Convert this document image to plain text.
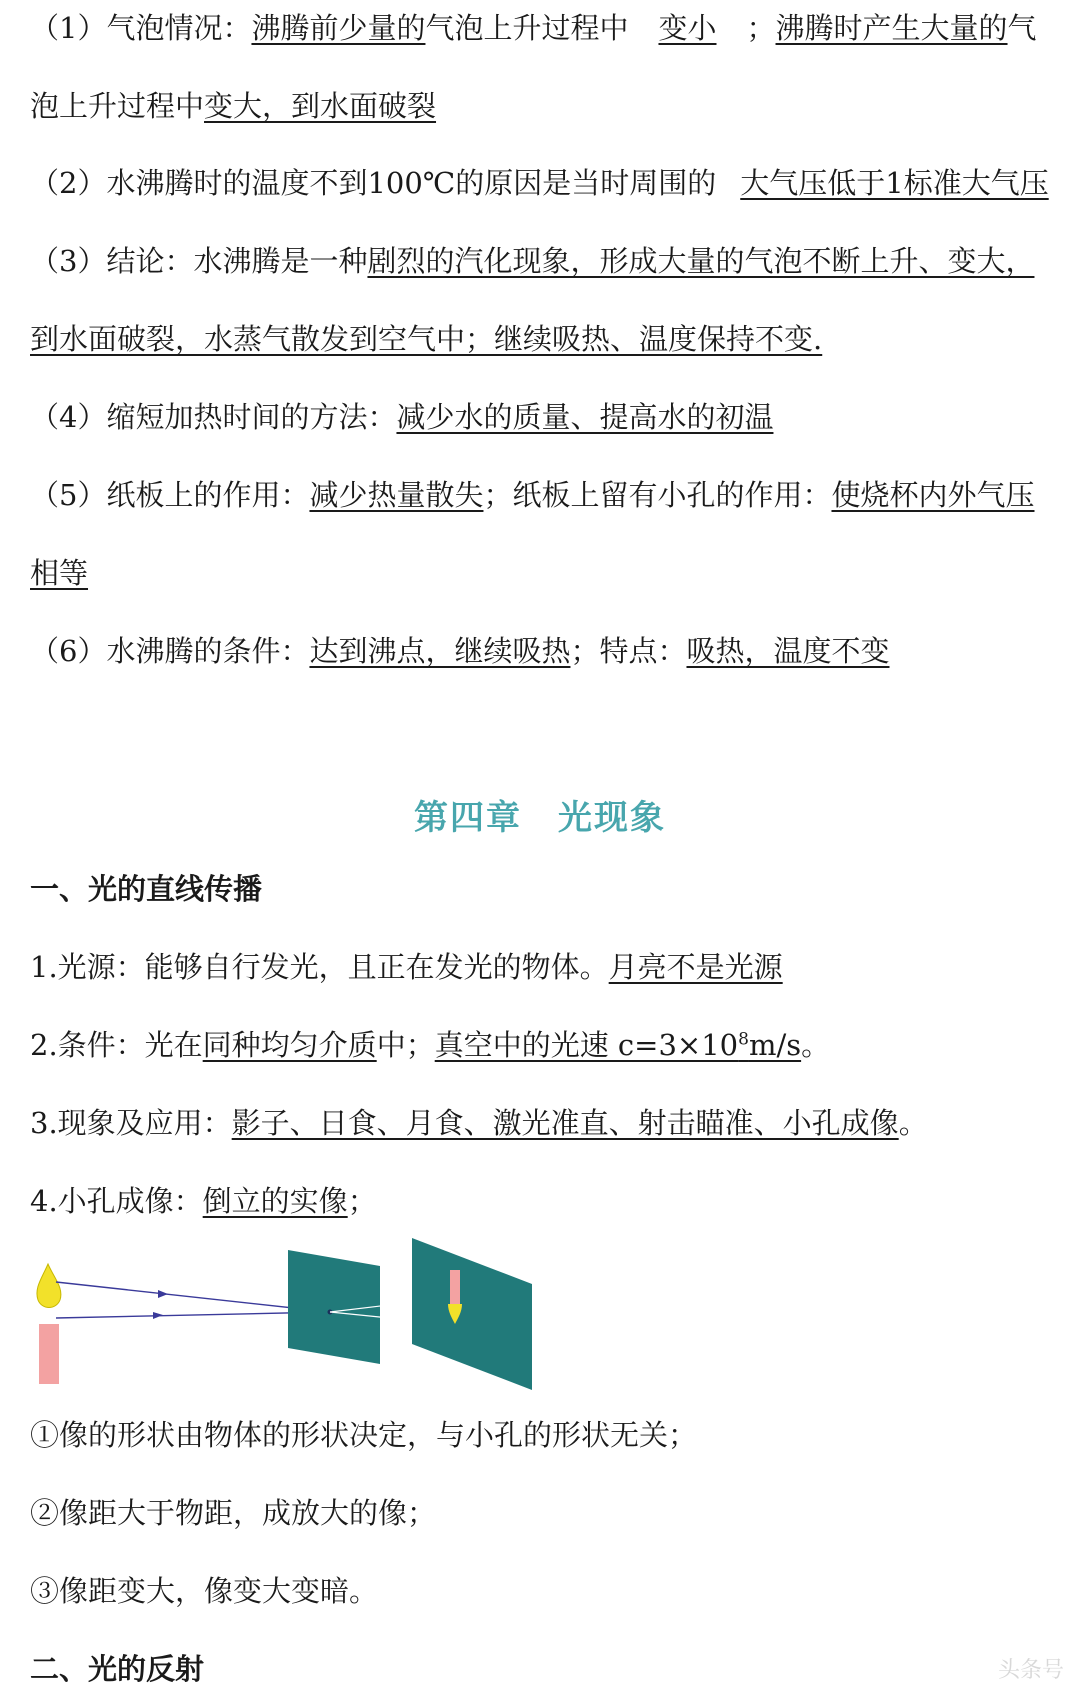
（1）气泡情况：沸腾前少量的气泡上升过程中 变小 ；沸腾时产生大量的气
泡上升过程中变大，到水面破裂
（2）水沸腾时的温度不到100℃的原因是当时周围的 大气压低于1标准大气压
（3）结论：水沸腾是一种剧烈的汽化现象，形成大量的气泡不断上升、变大，
到水面破裂，水蒸气散发到空气中；继续吸热、温度保持不变.
（4）缩短加热时间的方法：减少水的质量、提高水的初温
（5）纸板上的作用：减少热量散失；纸板上留有小孔的作用：使烧杯内外气压
相等
（6）水沸腾的条件：达到沸点，继续吸热；特点：吸热，温度不变
第四章　光现象
一、光的直线传播
1.光源：能够自行发光，且正在发光的物体。月亮不是光源
2.条件：光在同种均匀介质中；真空中的光速 $c=3\times 10^8m/s$。
3.现象及应用：影子、日食、月食、激光准直、射击瞄准、小孔成像。
4.小孔成像：倒立的实像；
①像的形状由物体的形状决定，与小孔的形状无关；
②像距大于物距，成放大的像；
③像距变大，像变大变暗。
二、光的反射	头条号
